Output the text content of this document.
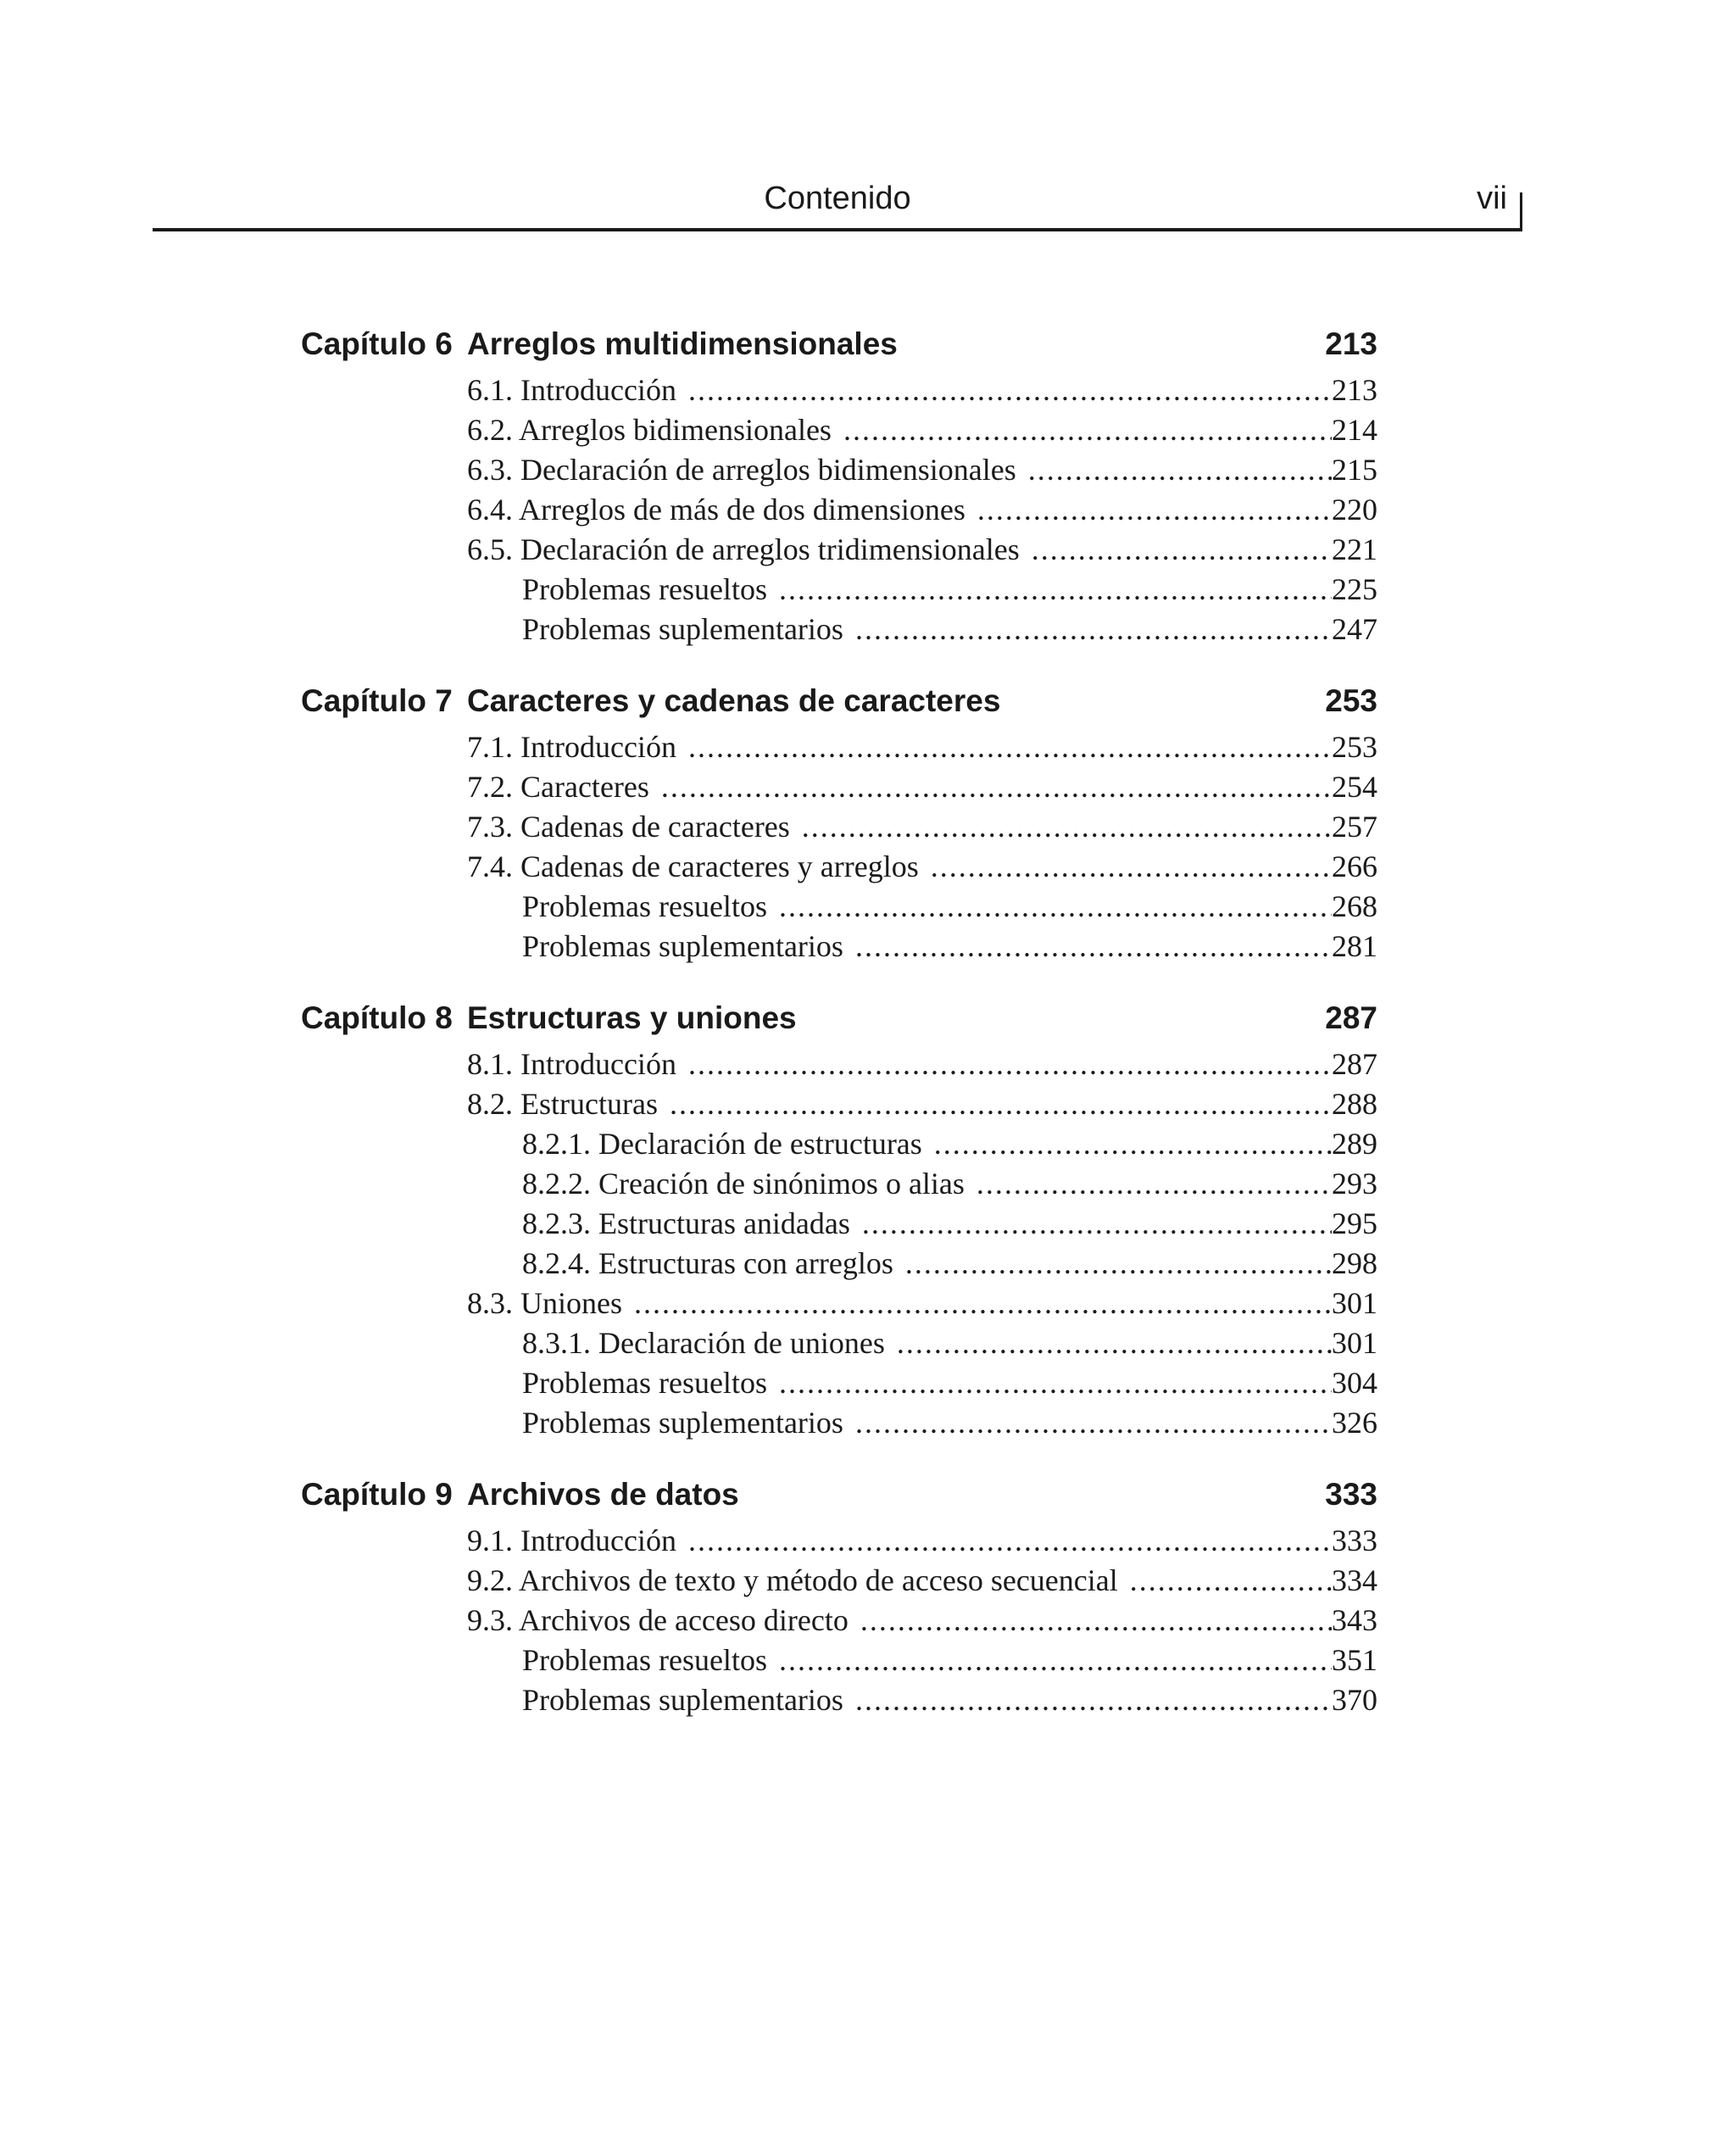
Contenido	vii
Capítulo 6 Arreglos multidimensionales	213
6.1. Introducción .....	213
6.2. Arreglos bidimensionales .....	214
6.3. Declaración de arreglos bidimensionales .....	215
6.4. Arreglos de más de dos dimensiones .....	220
6.5. Declaración de arreglos tridimensionales .....	221
Problemas resueltos .....	225
Problemas suplementarios .....	247
Capítulo 7 Caracteres y cadenas de caracteres	253
7.1. Introducción .....	253
7.2. Caracteres .....	254
7.3. Cadenas de caracteres .....	257
7.4. Cadenas de caracteres y arreglos .....	266
Problemas resueltos .....	268
Problemas suplementarios .....	281
Capítulo 8 Estructuras y uniones	287
8.1. Introducción .....	287
8.2. Estructuras .....	288
8.2.1. Declaración de estructuras .....	289
8.2.2. Creación de sinónimos o alias .....	293
8.2.3. Estructuras anidadas .....	295
8.2.4. Estructuras con arreglos .....	298
8.3. Uniones .....	301
8.3.1. Declaración de uniones .....	301
Problemas resueltos .....	304
Problemas suplementarios .....	326
Capítulo 9 Archivos de datos	333
9.1. Introducción .....	333
9.2. Archivos de texto y método de acceso secuencial .....	334
9.3. Archivos de acceso directo .....	343
Problemas resueltos .....	351
Problemas suplementarios .....	370
